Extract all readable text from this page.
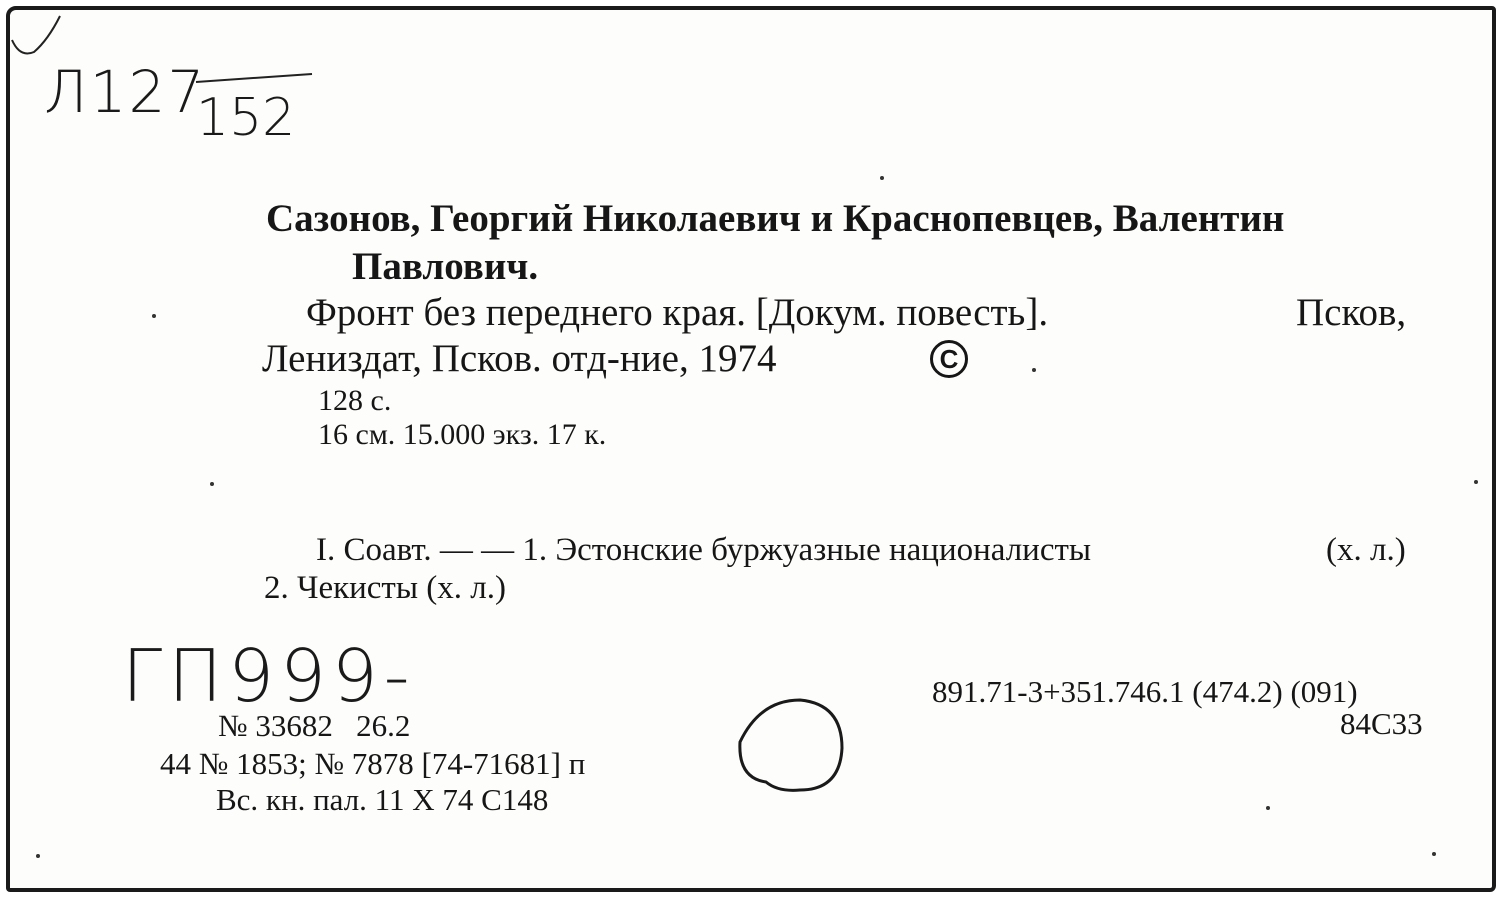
Л127
152
Сазонов, Георгий Николаевич и Краснопевцев, Валентин
Павлович.
Фронт без переднего края. [Докум. повесть].	Псков,
Лениздат, Псков. отд-ние, 1974	С
128 с.
16 см. 15.000 экз. 17 к.
I. Соавт. — — 1. Эстонские буржуазные националисты	(х. л.)
2. Чекисты (х. л.)
ГП999-	891.71-3+351.746.1 (474.2) (091)
84С33
№ 33682   26.2
44 № 1853; № 7878 [74-71681] п
Вс. кн. пал. 11 X 74 С148
